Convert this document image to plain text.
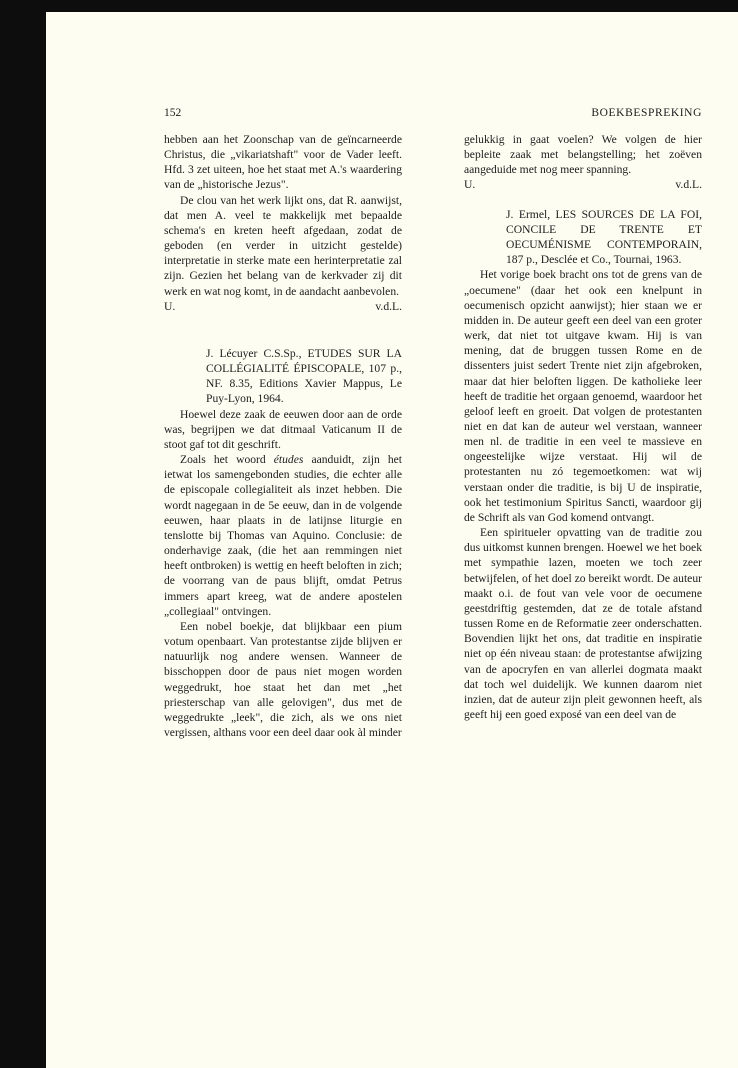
152	BOEKBESPREKING

hebben aan het Zoonschap van de geïncarneerde Christus, die „vikariatshaft" voor de Vader leeft. Hfd. 3 zet uiteen, hoe het staat met A.'s waardering van de „historische Jezus".

De clou van het werk lijkt ons, dat R. aanwijst, dat men A. veel te makkelijk met bepaalde schema's en kreten heeft afgedaan, zodat de geboden (en verder in uitzicht gestelde) interpretatie in sterke mate een herinterpretatie zal zijn. Gezien het belang van de kerkvader zij dit werk en wat nog komt, in de aandacht aanbevolen.

U.	v.d.L.

J. Lécuyer C.S.Sp., ETUDES SUR LA COLLÉGIALITÉ ÉPISCOPALE, 107 p., NF. 8.35, Editions Xavier Mappus, Le Puy-Lyon, 1964.

Hoewel deze zaak de eeuwen door aan de orde was, begrijpen we dat ditmaal Vaticanum II de stoot gaf tot dit geschrift.

Zoals het woord études aanduidt, zijn het ietwat los samengebonden studies, die echter alle de episcopale collegialiteit als inzet hebben. Die wordt nagegaan in de 5e eeuw, dan in de volgende eeuwen, haar plaats in de latijnse liturgie en tenslotte bij Thomas van Aquino. Conclusie: de onderhavige zaak, (die het aan remmingen niet heeft ontbroken) is wettig en heeft beloften in zich; de voorrang van de paus blijft, omdat Petrus immers apart kreeg, wat de andere apostelen „collegiaal" ontvingen.

Een nobel boekje, dat blijkbaar een pium votum openbaart. Van protestantse zijde blijven er natuurlijk nog andere wensen. Wanneer de bisschoppen door de paus niet mogen worden weggedrukt, hoe staat het dan met „het priesterschap van alle gelovigen", dus met de weggedrukte „leek", die zich, als we ons niet vergissen, althans voor een deel daar ook àl minder

gelukkig in gaat voelen? We volgen de hier bepleite zaak met belangstelling; het zoëven aangeduide met nog meer spanning.

U.	v.d.L.

J. Ermel, LES SOURCES DE LA FOI, CONCILE DE TRENTE ET OECUMÉNISME CONTEMPORAIN, 187 p., Desclée et Co., Tournai, 1963.

Het vorige boek bracht ons tot de grens van de „oecumene" (daar het ook een knelpunt in oecumenisch opzicht aanwijst); hier staan we er midden in. De auteur geeft een deel van een groter werk, dat niet tot uitgave kwam. Hij is van mening, dat de bruggen tussen Rome en de dissenters juist sedert Trente niet zijn afgebroken, maar dat hier beloften liggen. De katholieke leer heeft de traditie het orgaan genoemd, waardoor het geloof leeft en groeit. Dat volgen de protestanten niet en dat kan de auteur wel verstaan, wanneer men nl. de traditie in een veel te massieve en ongeestelijke wijze verstaat. Hij wil de protestanten nu zó tegemoetkomen: wat wij verstaan onder die traditie, is bij U de inspiratie, ook het testimonium Spiritus Sancti, waardoor gij de Schrift als van God komend ontvangt.

Een spiritueler opvatting van de traditie zou dus uitkomst kunnen brengen. Hoewel we het boek met sympathie lazen, moeten we toch zeer betwijfelen, of het doel zo bereikt wordt. De auteur maakt o.i. de fout van vele voor de oecumene geestdriftig gestemden, dat ze de totale afstand tussen Rome en de Reformatie zeer onderschatten. Bovendien lijkt het ons, dat traditie en inspiratie niet op één niveau staan: de protestantse afwijzing van de apocryfen en van allerlei dogmata maakt dat toch wel duidelijk. We kunnen daarom niet inzien, dat de auteur zijn pleit gewonnen heeft, als geeft hij een goed exposé van een deel van de
